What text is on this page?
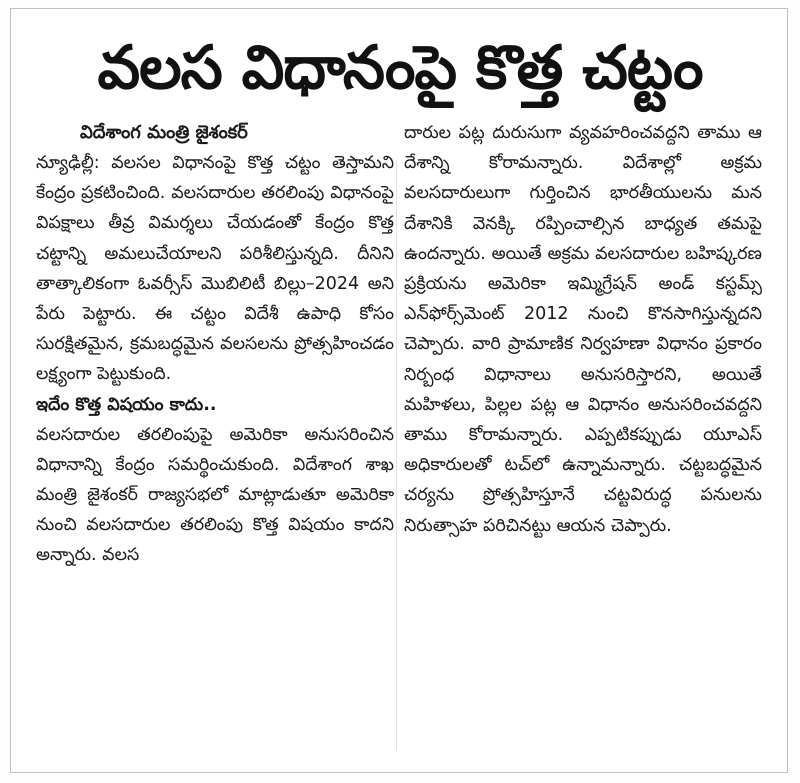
వలస విధానంపై కొత్త చట్టం

విదేశాంగ మంత్రి జైశంకర్

న్యూఢిల్లీ: వలసల విధానంపై కొత్త చట్టం తెస్తామని కేంద్రం ప్రకటించింది. వలసదారుల తరలింపు విధానంపై విపక్షాలు తీవ్ర విమర్శలు చేయడంతో కేంద్రం కొత్త చట్టాన్ని అమలుచేయాలని పరిశీలిస్తున్నది. దీనిని తాత్కాలికంగా ఓవర్సీస్ మొబిలిటీ బిల్లు–2024 అని పేరు పెట్టారు. ఈ చట్టం విదేశీ ఉపాధి కోసం సురక్షితమైన, క్రమబద్ధమైన వలసలను ప్రోత్సహించడం లక్ష్యంగా పెట్టుకుంది.

ఇదేం కొత్త విషయం కాదు..

వలసదారుల తరలింపుపై అమెరికా అనుసరించిన విధానాన్ని కేంద్రం సమర్థించుకుంది. విదేశాంగ శాఖ మంత్రి జైశంకర్ రాజ్యసభలో మాట్లాడుతూ అమెరికా నుంచి వలసదారుల తరలింపు కొత్త విషయం కాదని అన్నారు. వలస

దారుల పట్ల దురుసుగా వ్యవహరించవద్దని తాము ఆ దేశాన్ని కోరామన్నారు. విదేశాల్లో అక్రమ వలసదారులుగా గుర్తించిన భారతీయులను మన దేశానికి వెనక్కి రప్పించాల్సిన బాధ్యత తమపై ఉందన్నారు. అయితే అక్రమ వలసదారుల బహిష్కరణ ప్రక్రియను అమెరికా ఇమ్మిగ్రేషన్ అండ్ కస్టమ్స్ ఎన్‌ఫోర్స్‌మెంట్ 2012 నుంచి కొనసాగిస్తున్నదని చెప్పారు. వారి ప్రామాణిక నిర్వహణా విధానం ప్రకారం నిర్బంధ విధానాలు అనుసరిస్తారని, అయితే మహిళలు, పిల్లల పట్ల ఆ విధానం అనుసరించవద్దని తాము కోరామన్నారు. ఎప్పటికప్పుడు యూఎస్ అధికారులతో టచ్‌లో ఉన్నామన్నారు. చట్టబద్ధమైన చర్యను ప్రోత్సహిస్తూనే చట్టవిరుద్ధ పనులను నిరుత్సాహ పరిచినట్టు ఆయన చెప్పారు.
